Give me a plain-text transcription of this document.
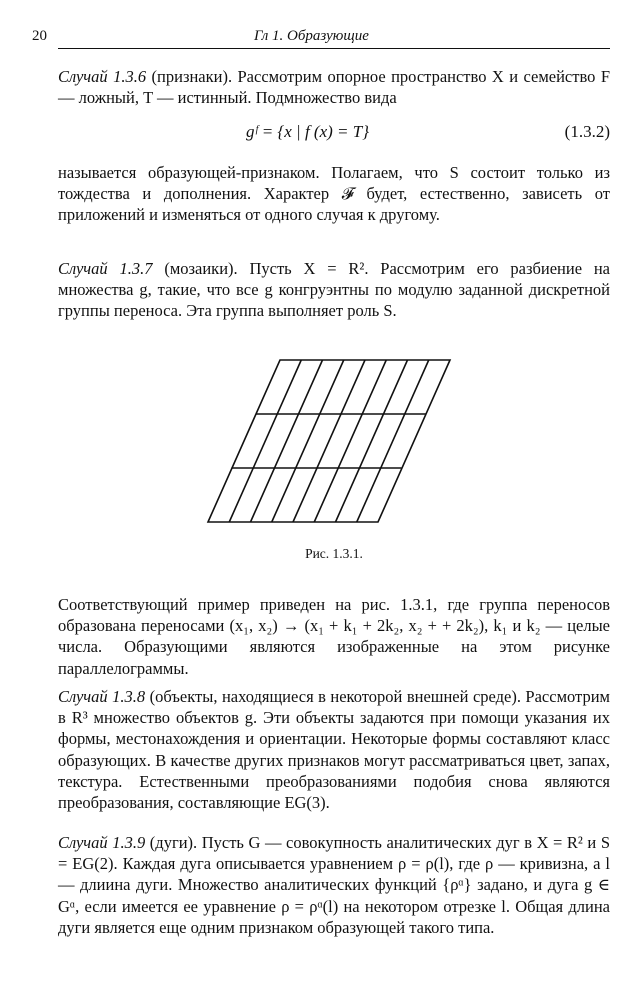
20	Гл 1. Образующие

Случай 1.3.6 (признаки). Рассмотрим опорное пространство X и семейство F — ложный, T — истинный. Подмножество вида

gᶠ = {x | f (x) = T}	(1.3.2)

называется образующей-признаком. Полагаем, что S состоит только из тождества и дополнения. Характер 𝓕 будет, естественно, зависеть от приложений и изменяться от одного случая к другому.

Случай 1.3.7 (мозаики). Пусть X = R². Рассмотрим его разбиение на множества g, такие, что все g конгруэнтны по модулю заданной дискретной группы переноса. Эта группа выполняет роль S.

Рис. 1.3.1.

Соответствующий пример приведен на рис. 1.3.1, где группа переносов образована переносами (x₁, x₂) → (x₁ + k₁ + 2k₂, x₂ + + 2k₂), k₁ и k₂ — целые числа. Образующими являются изображенные на этом рисунке параллелограммы.

Случай 1.3.8 (объекты, находящиеся в некоторой внешней среде). Рассмотрим в R³ множество объектов g. Эти объекты задаются при помощи указания их формы, местонахождения и ориентации. Некоторые формы составляют класс образующих. В качестве других признаков могут рассматриваться цвет, запах, текстура. Естественными преобразованиями подобия снова являются преобразования, составляющие EG(3).

Случай 1.3.9 (дуги). Пусть G — совокупность аналитических дуг в X = R² и S = EG(2). Каждая дуга описывается уравнением ρ = ρ(l), где ρ — кривизна, а l — длиина дуги. Множество аналитических функций {ρᵅ} задано, и дуга g ∈ Gᵅ, если имеется ее уравнение ρ = ρᵅ(l) на некотором отрезке l. Общая длина дуги является еще одним признаком образующей такого типа.
